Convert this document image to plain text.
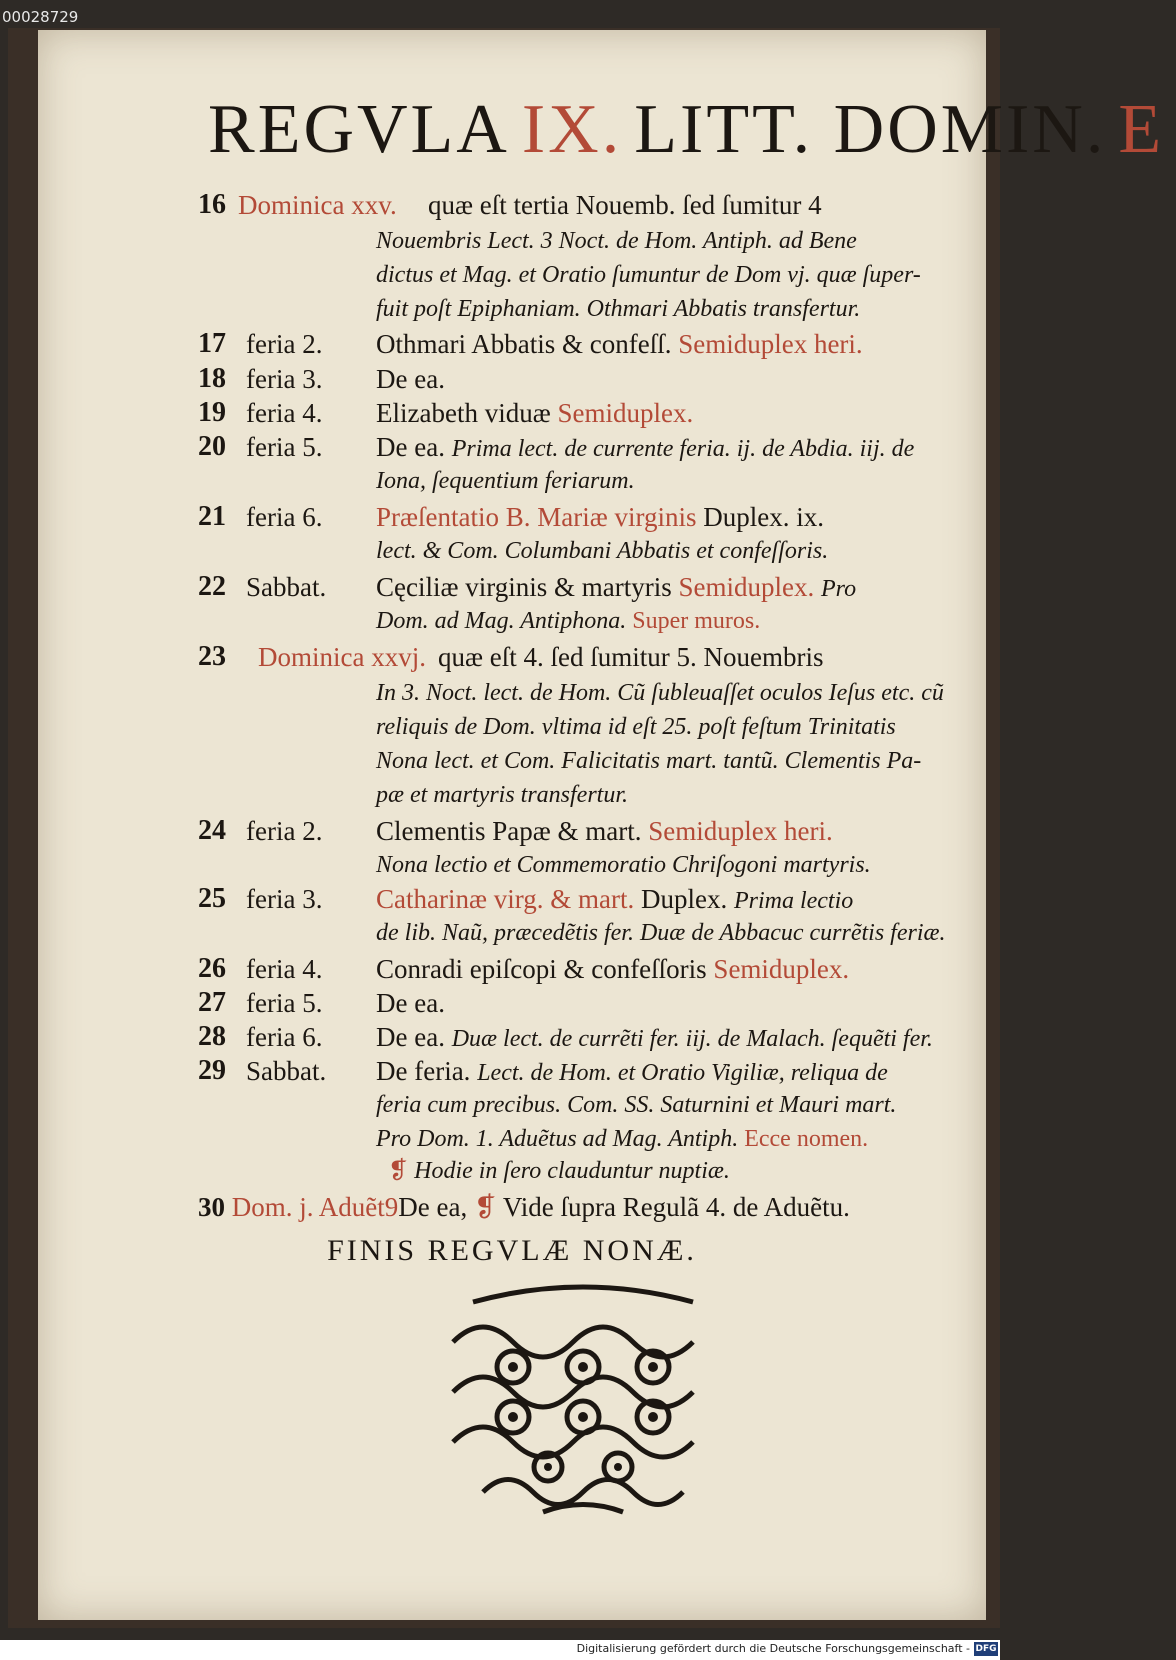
00028729
REGVLA IX. LITT. DOMIN. E
16 Dominica xxv. quæ eſt tertia Nouemb. ſed ſumitur 4
Nouembris Lect. 3 Noct. de Hom. Antiph. ad Bene
dictus et Mag. et Oratio ſumuntur de Dom vj. quæ ſuper-
fuit poſt Epiphaniam. Othmari Abbatis transfertur.
17 feria 2. Othmari Abbatis & confeſſ. Semiduplex heri.
18 feria 3. De ea.
19 feria 4. Elizabeth viduæ Semiduplex.
20 feria 5. De ea. Prima lect. de currente feria. ij. de Abdia. iij. de
Iona, ſequentium feriarum.
21 feria 6. Præſentatio B. Mariæ virginis Duplex. ix.
lect. & Com. Columbani Abbatis et confeſſoris.
22 Sabbat. Cęciliæ virginis & martyris Semiduplex. Pro
Dom. ad Mag. Antiphona. Super muros.
23 Dominica xxvj. quæ eſt 4. ſed ſumitur 5. Nouembris
In 3. Noct. lect. de Hom. Cũ ſubleuaſſet oculos Ieſus etc. cũ
reliquis de Dom. vltima id eſt 25. poſt feſtum Trinitatis
Nona lect. et Com. Falicitatis mart. tantũ. Clementis Pa-
pæ et martyris transfertur.
24 feria 2. Clementis Papæ & mart. Semiduplex heri.
Nona lectio et Commemoratio Chriſogoni martyris.
25 feria 3. Catharinæ virg. & mart. Duplex. Prima lectio
de lib. Naũ, præcedẽtis fer. Duæ de Abbacuc currẽtis feriæ.
26 feria 4. Conradi epiſcopi & confeſſoris Semiduplex.
27 feria 5. De ea.
28 feria 6. De ea. Duæ lect. de currẽti fer. iij. de Malach. ſequẽti fer.
29 Sabbat. De feria. Lect. de Hom. et Oratio Vigiliæ, reliqua de
feria cum precibus. Com. SS. Saturnini et Mauri mart.
Pro Dom. 1. Aduẽtus ad Mag. Antiph. Ecce nomen.
❡ Hodie in ſero clauduntur nuptiæ.
30 Dom. j. Aduẽt9De ea, ❡ Vide ſupra Regulã 4. de Aduẽtu.
FINIS REGVLÆ NONÆ.
Digitalisierung gefördert durch die Deutsche Forschungsgemeinschaft - DFG
